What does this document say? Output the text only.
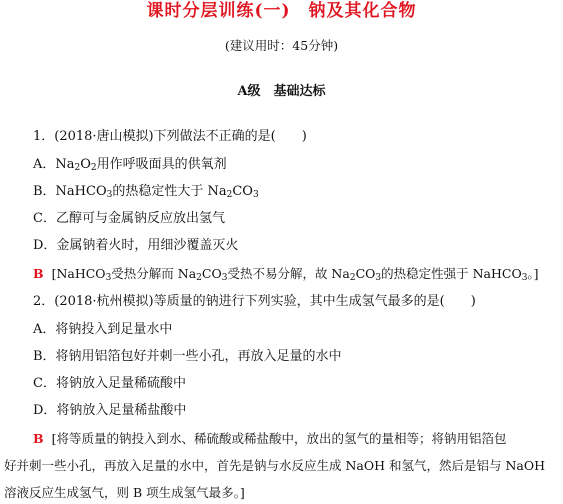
课时分层训练(一)　钠及其化合物
(建议用时：45分钟)
A级　基础达标
1．(2018·唐山模拟)下列做法不正确的是(　　)
A．$Na_2O_2$用作呼吸面具的供氧剂
B．NaHCO$_3$的热稳定性大于 $Na_2CO_3$
C．乙醇可与金属钠反应放出氢气
D．金属钠着火时，用细沙覆盖灭火
B [NaHCO$_3$受热分解而 $Na_2CO_3$受热不易分解，故 $Na_2CO_3$的热稳定性强于 NaHCO$_3$。]
2．(2018·杭州模拟)等质量的钠进行下列实验，其中生成氢气最多的是(　　)
A．将钠投入到足量水中
B．将钠用铝箔包好并刺一些小孔，再放入足量的水中
C．将钠放入足量稀硫酸中
D．将钠放入足量稀盐酸中
B [将等质量的钠投入到水、稀硫酸或稀盐酸中，放出的氢气的量相等；将钠用铝箔包
好并刺一些小孔，再放入足量的水中，首先是钠与水反应生成 NaOH 和氢气，然后是铝与 NaOH
溶液反应生成氢气，则 B 项生成氢气最多。]
